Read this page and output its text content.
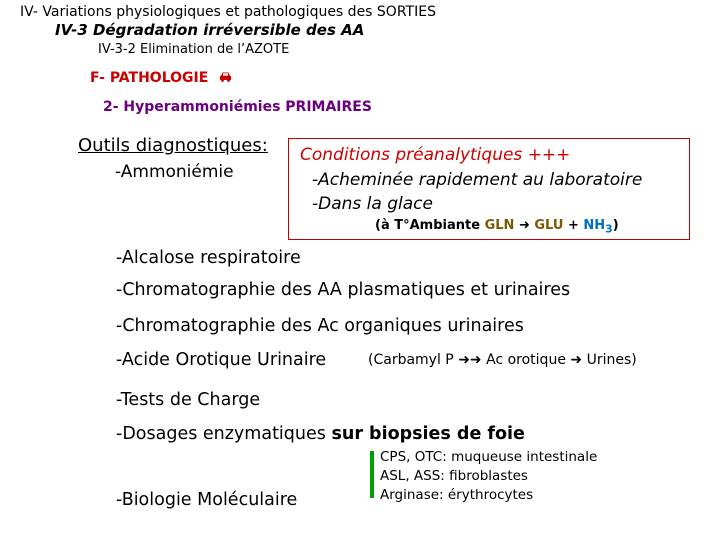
IV- Variations physiologiques et pathologiques des SORTIES
IV-3 Dégradation irréversible des AA
IV-3-2 Elimination de l’AZOTE
F- PATHOLOGIE
2- Hyperammoniémies PRIMAIRES
Outils diagnostiques:
-Ammoniémie
Conditions préanalytiques +++
-Acheminée rapidement au laboratoire
-Dans la glace
(à T°Ambiante GLN ➜ GLU + $NH_3$)
-Alcalose respiratoire
-Chromatographie des AA plasmatiques et urinaires
-Chromatographie des Ac organiques urinaires
-Acide Orotique Urinaire	(Carbamyl P ➜➜ Ac orotique ➜ Urines)
-Tests de Charge
-Dosages enzymatiques sur biopsies de foie
-Biologie Moléculaire
CPS, OTC: muqueuse intestinale
ASL, ASS: fibroblastes
Arginase: érythrocytes
